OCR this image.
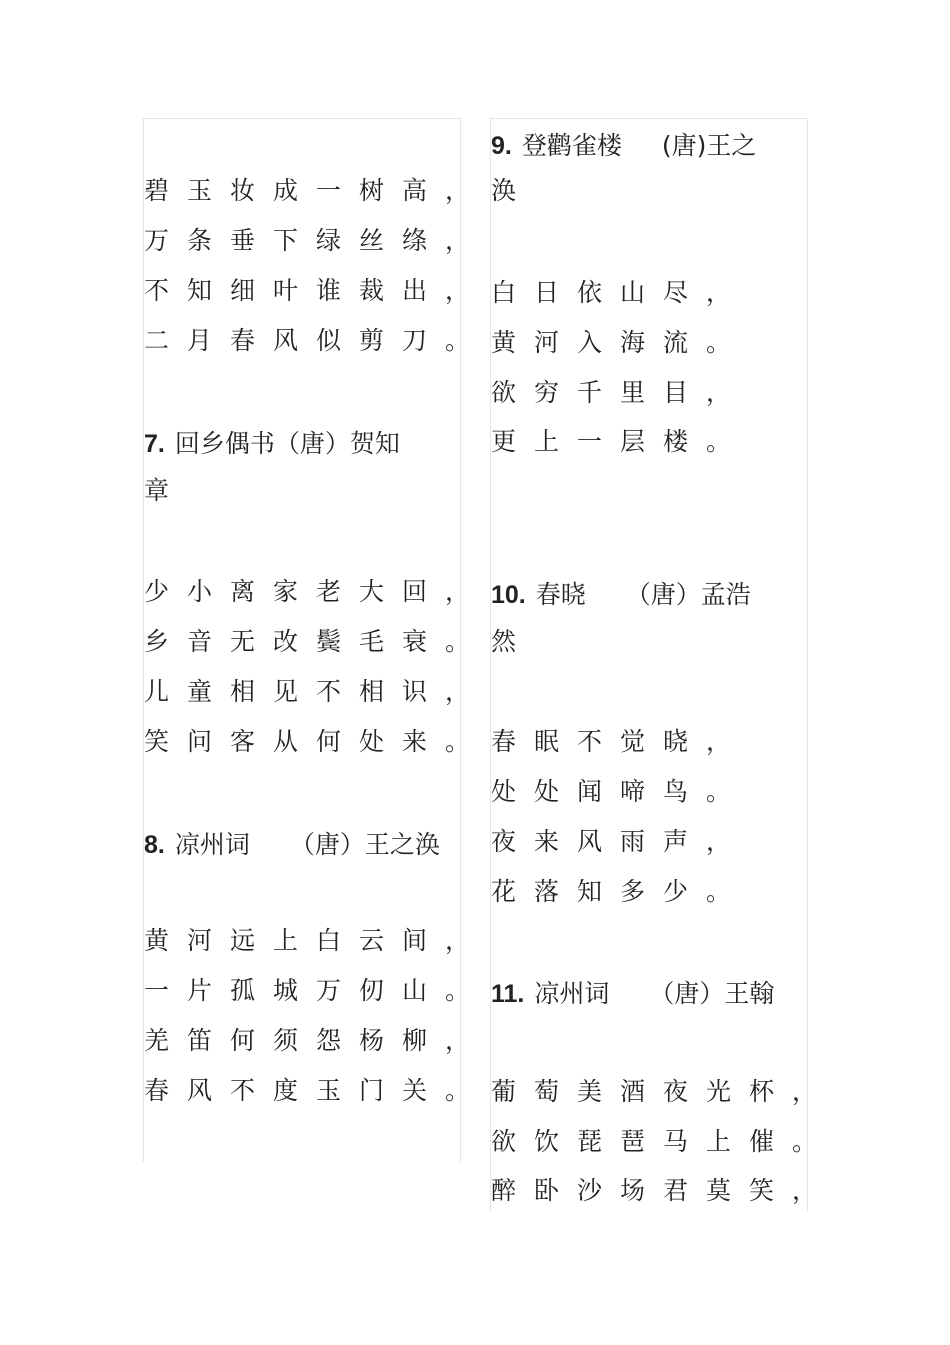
碧玉妆成一树高，
万条垂下绿丝绦，
不知细叶谁裁出，
二月春风似剪刀。
7. 回乡偶书（唐）贺知
章
少小离家老大回，
乡音无改鬓毛衰。
儿童相见不相识，
笑问客从何处来。
8. 凉州词 （唐）王之涣
黄河远上白云间，
一片孤城万仞山。
羌笛何须怨杨柳，
春风不度玉门关。
9. 登鹳雀楼 (唐)王之
涣
白日依山尽，
黄河入海流。
欲穷千里目，
更上一层楼。
10. 春晓 （唐）孟浩
然
春眠不觉晓，
处处闻啼鸟。
夜来风雨声，
花落知多少。
11. 凉州词 （唐）王翰
葡萄美酒夜光杯，
欲饮琵琶马上催。
醉卧沙场君莫笑，
